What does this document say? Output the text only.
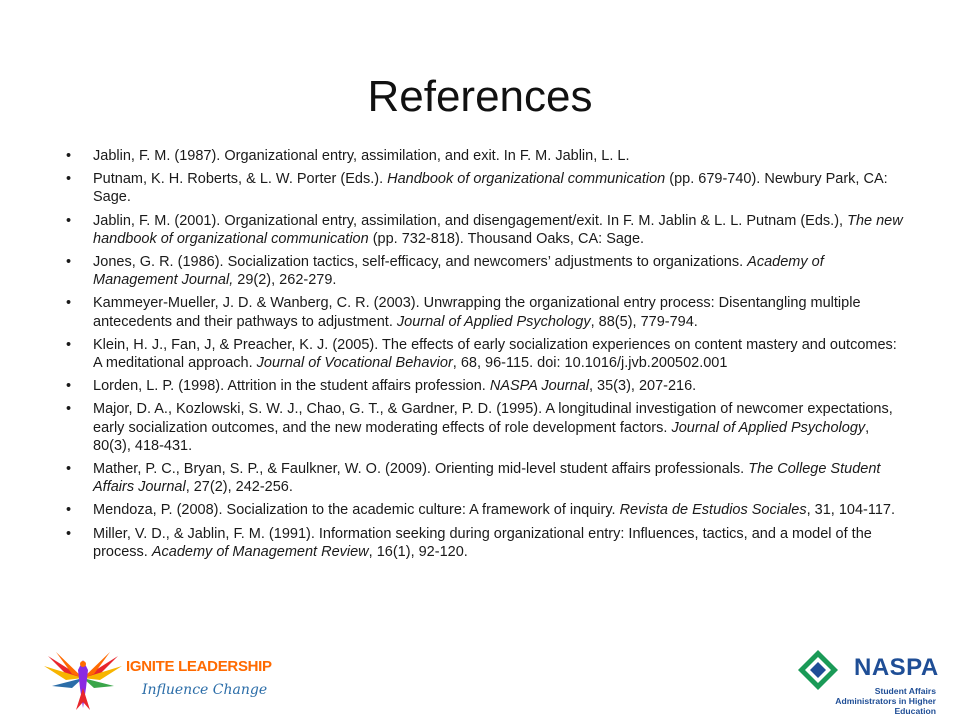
References
• Jablin, F. M. (1987). Organizational entry, assimilation, and exit. In F. M. Jablin, L. L.
• Putnam, K. H. Roberts, & L. W. Porter (Eds.). Handbook of organizational communication (pp. 679-740). Newbury Park, CA: Sage.
• Jablin, F. M. (2001). Organizational entry, assimilation, and disengagement/exit. In F. M. Jablin & L. L. Putnam (Eds.), The new handbook of organizational communication (pp. 732-818). Thousand Oaks, CA: Sage.
• Jones, G. R. (1986). Socialization tactics, self-efficacy, and newcomers’ adjustments to organizations. Academy of Management Journal, 29(2), 262-279.
• Kammeyer-Mueller, J. D. & Wanberg, C. R. (2003). Unwrapping the organizational entry process: Disentangling multiple antecedents and their pathways to adjustment. Journal of Applied Psychology, 88(5), 779-794.
• Klein, H. J., Fan, J, & Preacher, K. J. (2005). The effects of early socialization experiences on content mastery and outcomes: A meditational approach. Journal of Vocational Behavior, 68, 96-115. doi: 10.1016/j.jvb.200502.001
• Lorden, L. P. (1998). Attrition in the student affairs profession. NASPA Journal, 35(3), 207-216.
• Major, D. A., Kozlowski, S. W. J., Chao, G. T., & Gardner, P. D. (1995). A longitudinal investigation of newcomer expectations, early socialization outcomes, and the new moderating effects of role development factors. Journal of Applied Psychology, 80(3), 418-431.
• Mather, P. C., Bryan, S. P., & Faulkner, W. O. (2009). Orienting mid-level student affairs professionals. The College Student Affairs Journal, 27(2), 242-256.
• Mendoza, P. (2008). Socialization to the academic culture: A framework of inquiry. Revista de Estudios Sociales, 31, 104-117.
• Miller, V. D., & Jablin, F. M. (1991). Information seeking during organizational entry: Influences, tactics, and a model of the process. Academy of Management Review, 16(1), 92-120.
IGNITE LEADERSHIP
Influence Change
NASPA
Student Affairs Administrators in Higher Education
